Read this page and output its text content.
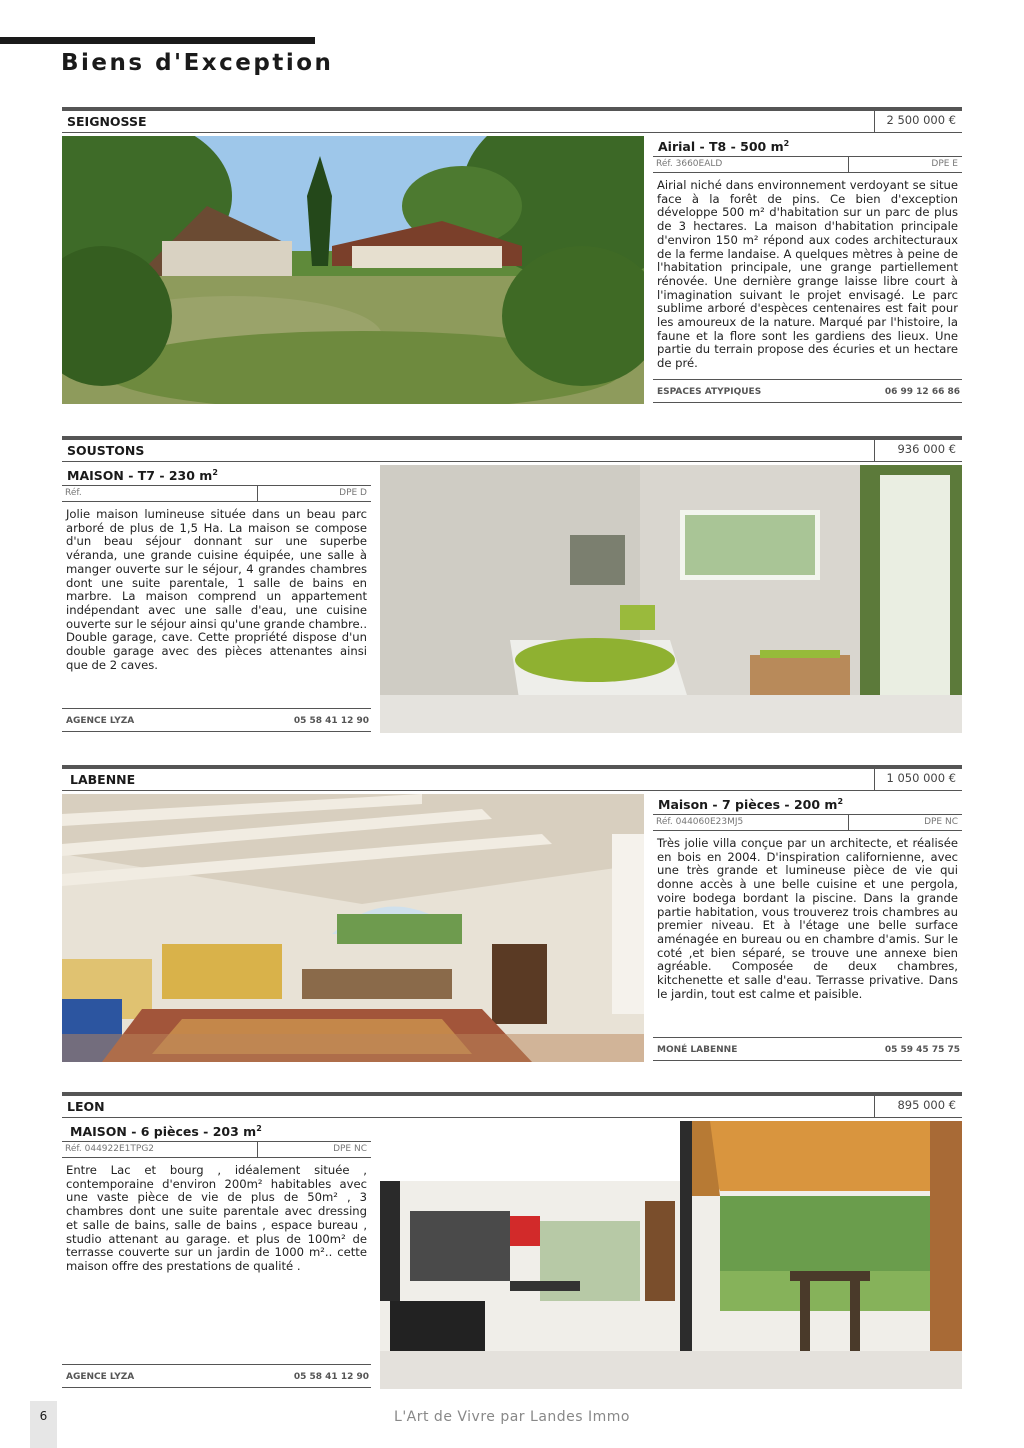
Biens d'Exception
SEIGNOSSE	2 500 000 €
Airial - T8 - 500 $m^2$
Réf. 3660EALD	DPE E

Airial niché dans environnement verdoyant se situe face à la forêt de pins. Ce bien d'exception développe 500 m² d'habitation sur un parc de plus de 3 hectares. La maison d'habitation principale d'environ 150 m² répond aux codes architecturaux de la ferme landaise. A quelques mètres à peine de l'habitation principale, une grange partiellement rénovée. Une dernière grange laisse libre court à l'imagination suivant le projet envisagé. Le parc sublime arboré d'espèces centenaires est fait pour les amoureux de la nature. Marqué par l'histoire, la faune et la flore sont les gardiens des lieux. Une partie du terrain propose des écuries et un hectare de pré.

ESPACES ATYPIQUES	06 99 12 66 86
SOUSTONS	936 000 €
MAISON - T7 - 230 $m^2$
Réf.	DPE D

Jolie maison lumineuse située dans un beau parc arboré de plus de 1,5 Ha. La maison se compose d'un beau séjour donnant sur une superbe véranda, une grande cuisine équipée, une salle à manger ouverte sur le séjour, 4 grandes chambres dont une suite parentale, 1 salle de bains en marbre. La maison comprend un appartement indépendant avec une salle d'eau, une cuisine ouverte sur le séjour ainsi qu'une grande chambre.. Double garage, cave. Cette propriété dispose d'un double garage avec des pièces attenantes ainsi que de 2 caves.

AGENCE LYZA	05 58 41 12 90
LABENNE	1 050 000 €
Maison - 7 pièces - 200 $m^2$
Réf. 044060E23MJ5	DPE NC

Très jolie villa conçue par un architecte, et réalisée en bois en 2004. D'inspiration californienne, avec une très grande et lumineuse pièce de vie qui donne accès à une belle cuisine et une pergola, voire bodega bordant la piscine. Dans la grande partie habitation, vous trouverez trois chambres au premier niveau. Et à l'étage une belle surface aménagée en bureau ou en chambre d'amis. Sur le coté ,et bien séparé, se trouve une annexe bien agréable. Composée de deux chambres, kitchenette et salle d'eau. Terrasse privative. Dans le jardin, tout est calme et paisible.

MONÉ LABENNE	05 59 45 75 75
LEON	895 000 €
MAISON - 6 pièces - 203 $m^2$
Réf. 044922E1TPG2	DPE NC

Entre Lac et bourg , idéalement située , contemporaine d'environ 200m² habitables avec une vaste pièce de vie de plus de 50m² , 3 chambres dont une suite parentale avec dressing et salle de bains, salle de bains , espace bureau , studio attenant au garage. et plus de 100m² de terrasse couverte sur un jardin de 1000 m².. cette maison offre des prestations de qualité .

AGENCE LYZA	05 58 41 12 90
6	L'Art de Vivre par Landes Immo
